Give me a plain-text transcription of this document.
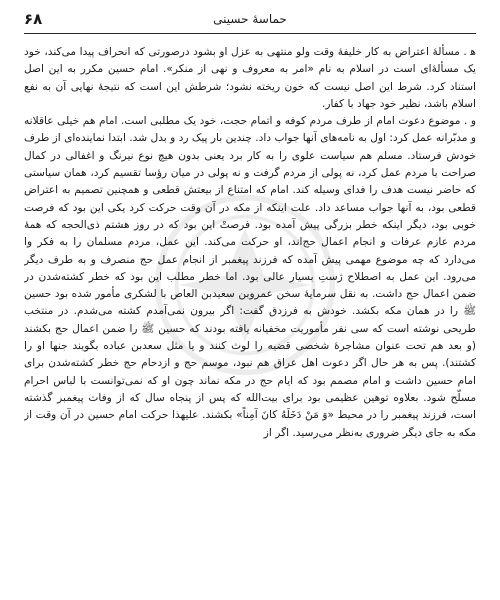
۶۸	حماسۀ حسینی

ﻫ . مسألۀ اعتراض به کار خلیفۀ وقت ولو منتهی به عزل او بشود درصورتی که انحراف پیدا می‌کند، خود یک مسألۀای است در اسلام به نام «امر به معروف و نهی از منکر». امام حسین مکرر به این اصل استناد کرد. شرط این اصل نیست که خون ریخته نشود؛ شرطش این است که نتیجۀ نهایی آن به نفع اسلام باشد، نظیر خود جهاد با کفار.

و . موضوع دعوت امام از طرف مردم کوفه و اتمام حجت، خود یک مطلبی است. امام هم خیلی عاقلانه و مدبّرانه عمل کرد: اول به نامه‌های آنها جواب داد. چندین بار پیک رد و بدل شد. ابتدا نماینده‌ای از طرف خودش فرستاد. مسلم هم سیاست علوی را به کار برد یعنی بدون هیچ نوع نیرنگ و اغفالی در کمال صراحت با مردم عمل کرد، نه پولی از مردم گرفت و نه پولی در میان رؤسا تقسیم کرد، همان سیاستی که حاضر نیست هدف را فدای وسیله کند. امام که امتناع از بیعتش قطعی و همچنین تصمیم به اعتراض قطعی بود، به آنها جواب مساعد داد. علت اینکه از مکه در آن وقت حرکت کرد یکی این بود که فرصت خوبی بود، دیگر اینکه خطر بزرگی پیش آمده بود. فرصتْ این بود که در روز هشتم ذی‌الحجه که همۀ مردم عازم عرفات و انجام اعمال حج‌اند، او حرکت می‌کند. این عمل، مردم مسلمان را به فکر وا می‌دارد که چه موضوع مهمی پیش آمده که فرزند پیغمبر از انجام عمل حج منصرف و به طرف دیگر می‌رود. این عمل به اصطلاح ژستِ بسیار عالی بود. اما خطر مطلب این بود که خطر کشته‌شدن در ضمن اعمال حج داشت. به نقل سرمایۀ سخن عمروبن سعیدبن العاص با لشکری مأمور شده بود حسین ﷺ را در همان مکه بکشد. خودش به فرزدق گفت: اگر بیرون نمی‌آمدم کشته می‌شدم. در منتخب طریحی نوشته است که سی نفر مأموریت مخفیانه یافته بودند که حسین ﷺ را ضمن اعمال حج بکشند (و بعد هم تحت عنوان مشاجرۀ شخصی قضیه را لوث کنند و یا مثل سعدبن عباده بگویند جنها او را کشتند). پس به هر حال اگر دعوت اهل عراق هم نبود، موسم حج و ازدحام حج خطر کشته‌شدن برای امام حسین داشت و امام مصمم بود که ایام حج در مکه نماند چون او که نمی‌توانست با لباس احرام مسلّح شود. بعلاوه توهین عظیمی بود برای بیت‌الله که پس از پنجاه سال که از وفات پیغمبر گذشته است، فرزند پیغمبر را در محیط «وَ مَنْ دَخَلَهُ کانَ آمِناً» بکشند. علیهذا حرکت امام حسین در آن وقت از مکه به جای دیگر ضروری به‌نظر می‌رسید. اگر از
